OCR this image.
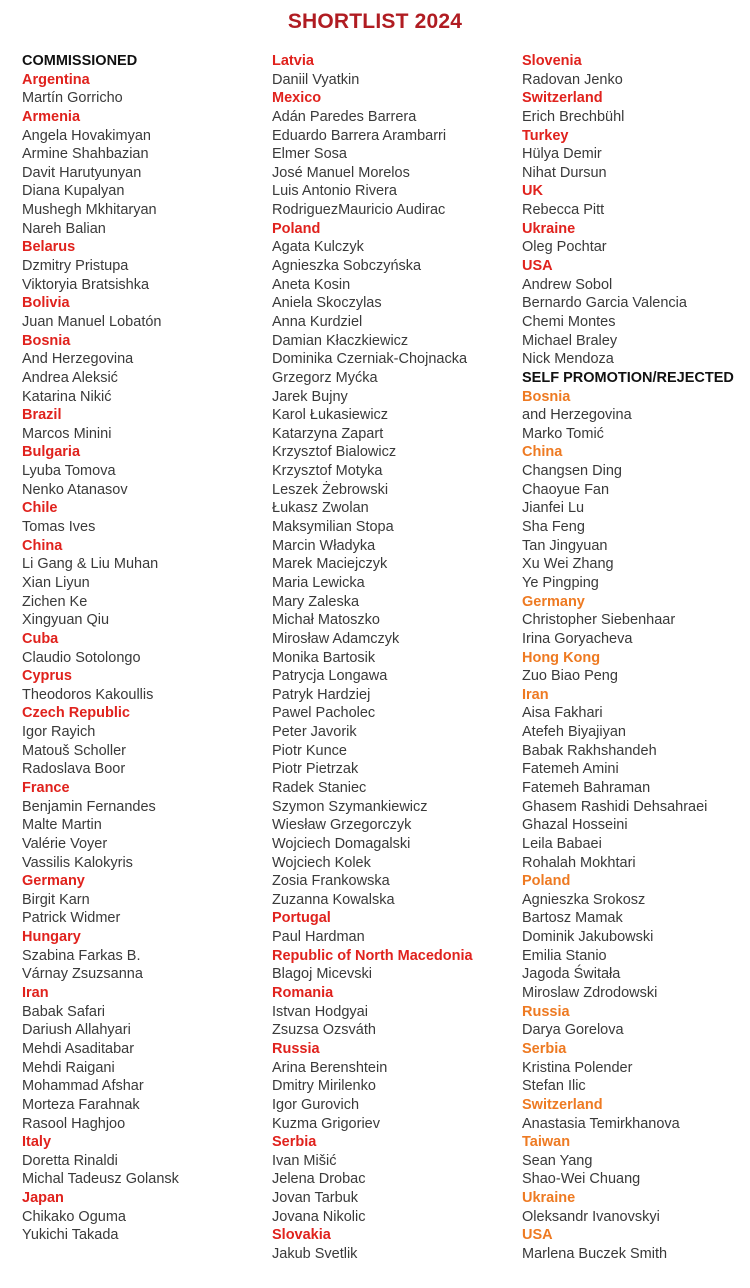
SHORTLIST 2024
COMMISSIONED
Argentina
Martín Gorricho
Armenia
Angela Hovakimyan
Armine Shahbazian
Davit Harutyunyan
Diana Kupalyan
Mushegh Mkhitaryan
Nareh Balian
Belarus
Dzmitry Pristupa
Viktoryia Bratsishka
Bolivia
Juan Manuel Lobatón
Bosnia
And Herzegovina
Andrea Aleksić
Katarina Nikić
Brazil
Marcos Minini
Bulgaria
Lyuba Tomova
Nenko Atanasov
Chile
Tomas Ives
China
Li Gang & Liu Muhan
Xian Liyun
Zichen Ke
Xingyuan Qiu
Cuba
Claudio Sotolongo
Cyprus
Theodoros Kakoullis
Czech Republic
Igor Rayich
Matouš Scholler
Radoslava Boor
France
Benjamin Fernandes
Malte Martin
Valérie Voyer
Vassilis Kalokyris
Germany
Birgit Karn
Patrick Widmer
Hungary
Szabina Farkas B.
Várnay Zsuzsanna
Iran
Babak Safari
Dariush Allahyari
Mehdi Asaditabar
Mehdi Raigani
Mohammad Afshar
Morteza Farahnak
Rasool Haghjoo
Italy
Doretta Rinaldi
Michal Tadeusz Golansk
Japan
Chikako Oguma
Yukichi Takada
Latvia
Daniil Vyatkin
Mexico
Adán Paredes Barrera
Eduardo Barrera Arambarri
Elmer Sosa
José Manuel Morelos
Luis Antonio Rivera
RodriguezMauricio Audirac
Poland
Agata Kulczyk
Agnieszka Sobczyńska
Aneta Kosin
Aniela Skoczylas
Anna Kurdziel
Damian Kłaczkiewicz
Dominika Czerniak-Chojnacka
Grzegorz Myćka
Jarek Bujny
Karol Łukasiewicz
Katarzyna Zapart
Krzysztof Bialowicz
Krzysztof Motyka
Leszek Żebrowski
Łukasz Zwolan
Maksymilian Stopa
Marcin Władyka
Marek Maciejczyk
Maria Lewicka
Mary Zaleska
Michał Matoszko
Mirosław Adamczyk
Monika Bartosik
Patrycja Longawa
Patryk Hardziej
Pawel Pacholec
Peter Javorik
Piotr Kunce
Piotr Pietrzak
Radek Staniec
Szymon Szymankiewicz
Wiesław Grzegorczyk
Wojciech Domagalski
Wojciech Kolek
Zosia Frankowska
Zuzanna Kowalska
Portugal
Paul Hardman
Republic of North Macedonia
Blagoj Micevski
Romania
Istvan Hodgyai
Zsuzsa Ozsváth
Russia
Arina Berenshtein
Dmitry Mirilenko
Igor Gurovich
Kuzma Grigoriev
Serbia
Ivan Mišić
Jelena Drobac
Jovan Tarbuk
Jovana Nikolic
Slovakia
Jakub Svetlik
Slovenia
Radovan Jenko
Switzerland
Erich Brechbühl
Turkey
Hülya Demir
Nihat Dursun
UK
Rebecca Pitt
Ukraine
Oleg Pochtar
USA
Andrew Sobol
Bernardo Garcia Valencia
Chemi Montes
Michael Braley
Nick Mendoza
SELF PROMOTION/REJECTED
Bosnia
and Herzegovina
Marko Tomić
China
Changsen Ding
Chaoyue Fan
Jianfei Lu
Sha Feng
Tan Jingyuan
Xu Wei Zhang
Ye Pingping
Germany
Christopher Siebenhaar
Irina Goryacheva
Hong Kong
Zuo Biao Peng
Iran
Aisa Fakhari
Atefeh Biyajiyan
Babak Rakhshandeh
Fatemeh Amini
Fatemeh Bahraman
Ghasem Rashidi Dehsahraei
Ghazal Hosseini
Leila Babaei
Rohalah Mokhtari
Poland
Agnieszka Srokosz
Bartosz Mamak
Dominik Jakubowski
Emilia Stanio
Jagoda Świtała
Miroslaw Zdrodowski
Russia
Darya Gorelova
Serbia
Kristina Polender
Stefan Ilic
Switzerland
Anastasia Temirkhanova
Taiwan
Sean Yang
Shao-Wei Chuang
Ukraine
Oleksandr Ivanovskyi
USA
Marlena Buczek Smith
